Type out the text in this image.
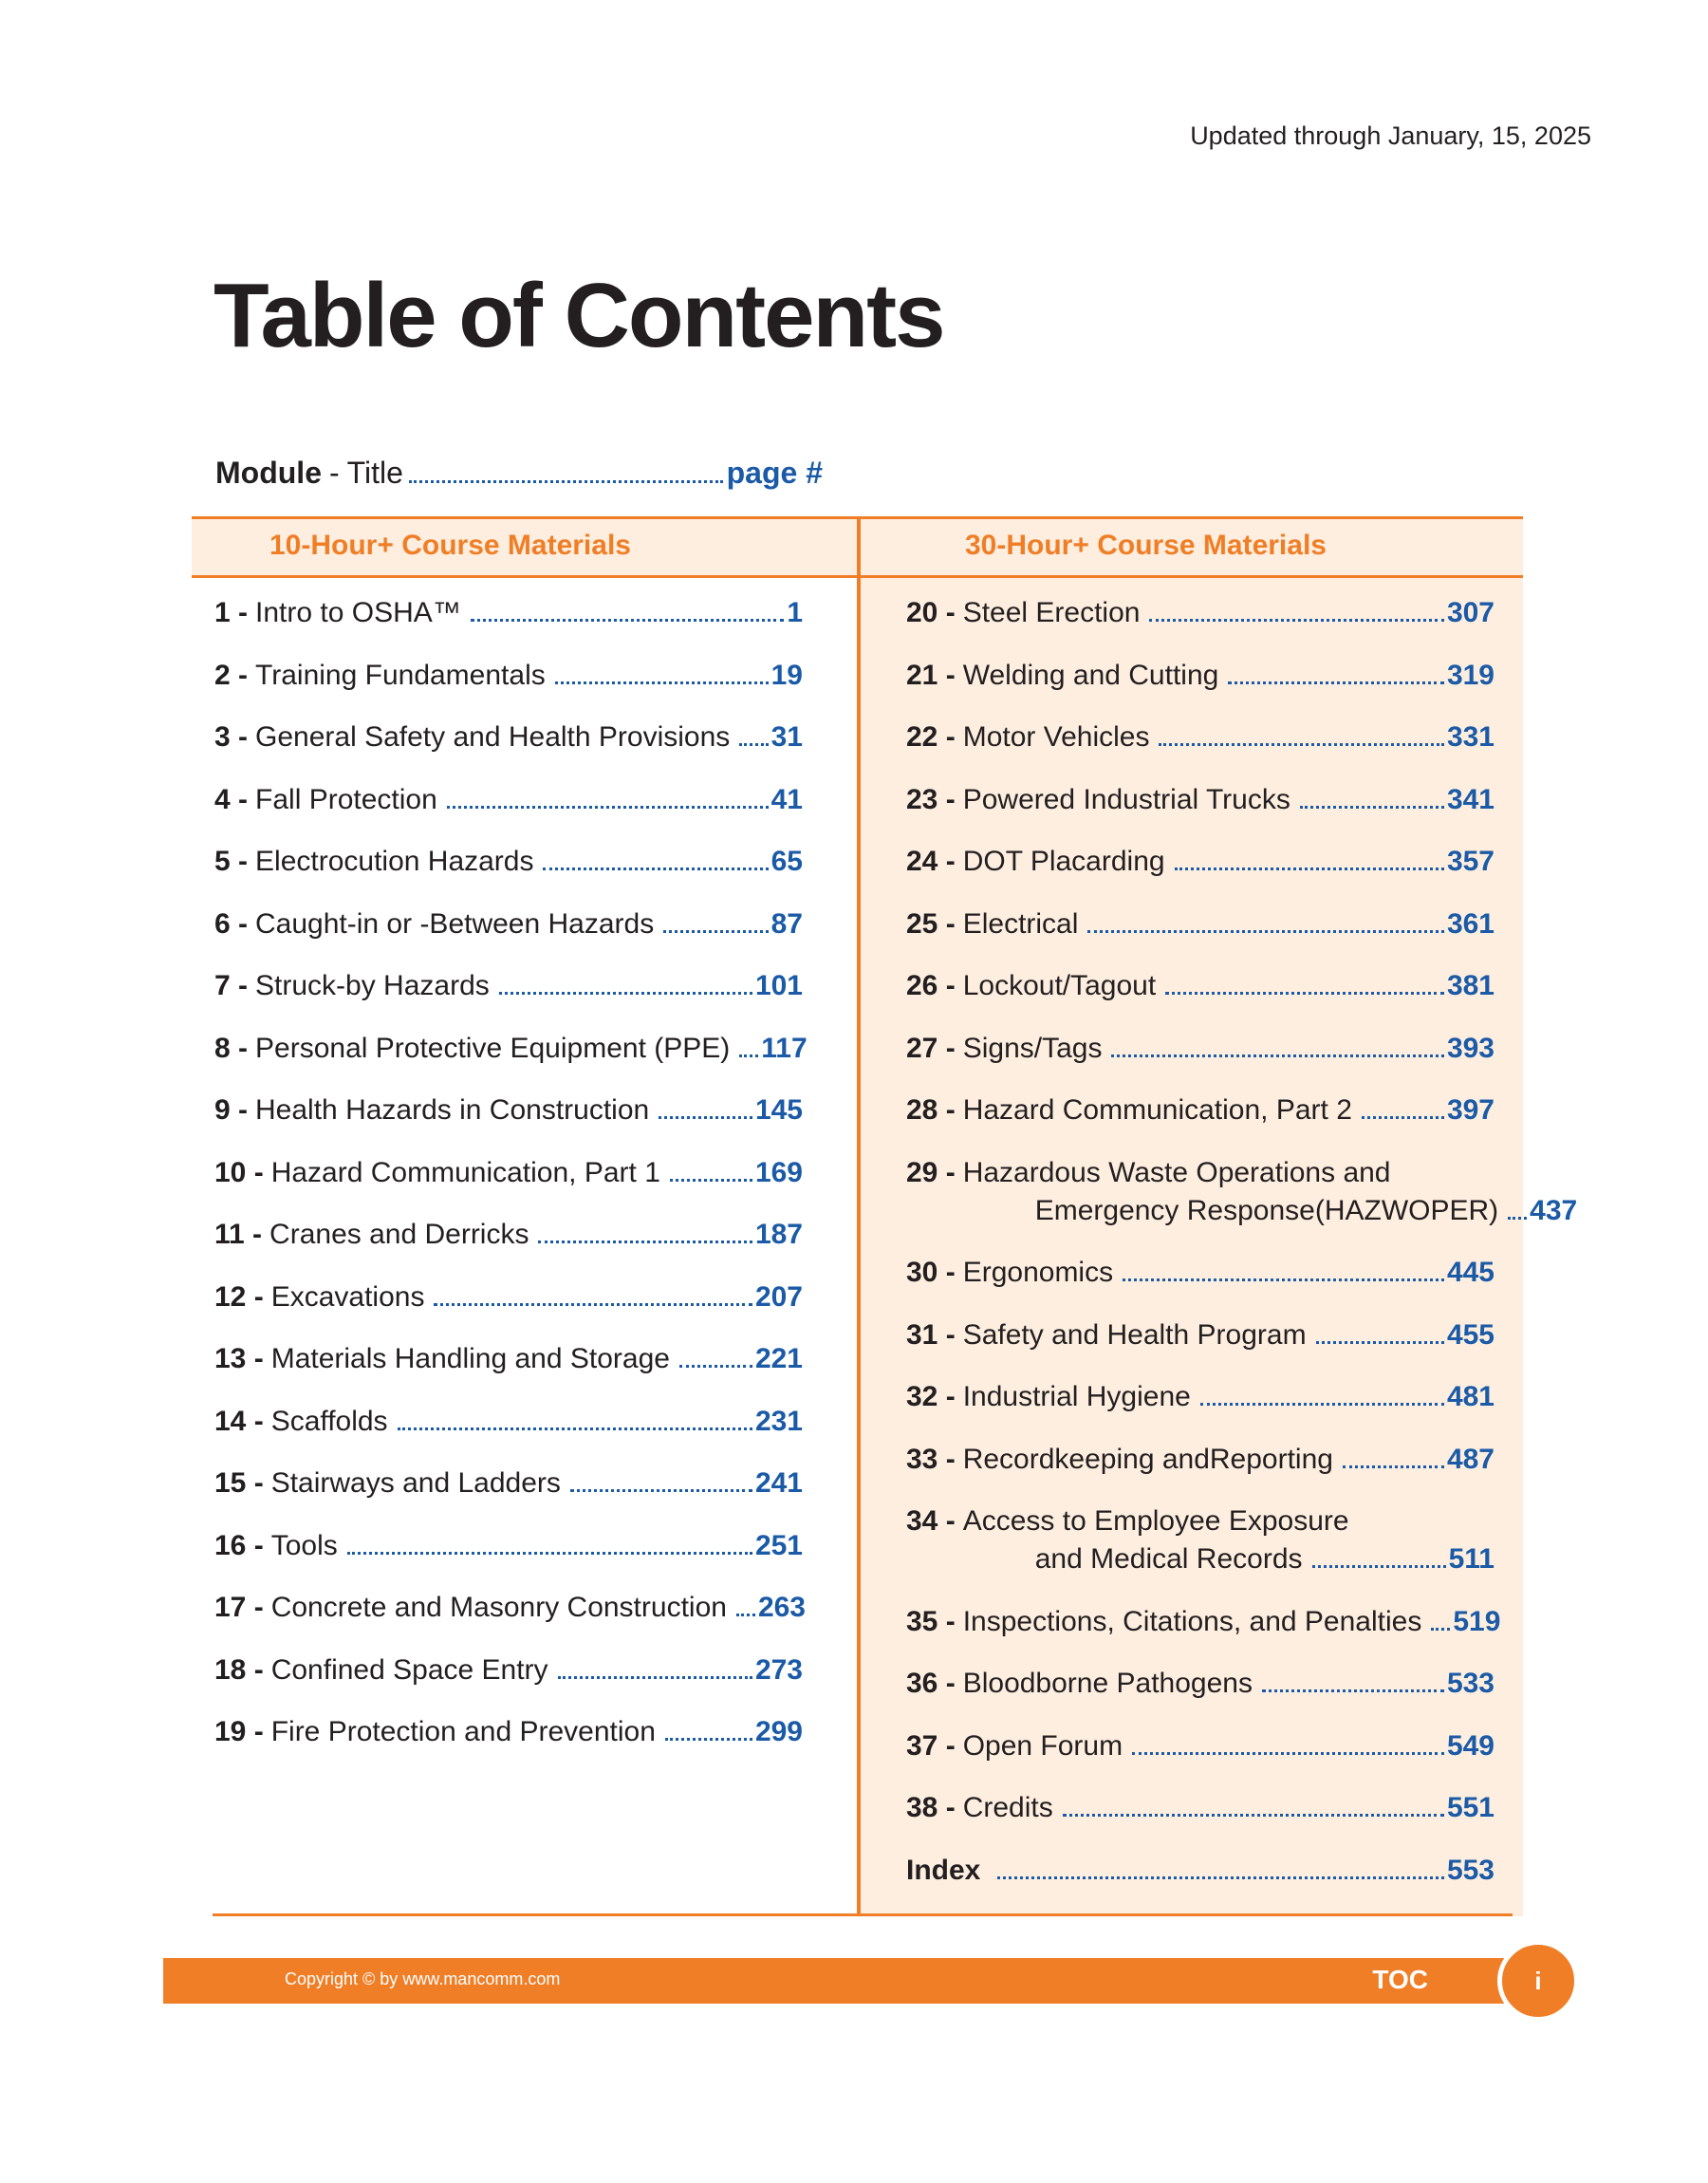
Updated through January, 15, 2025
Table of Contents
Module - Title	page #
30-Hour+ Course Materials
20 - Steel Erection	307
21 - Welding and Cutting	319
22 - Motor Vehicles	331
23 - Powered Industrial Trucks	341
24 - DOT Placarding	357
25 - Electrical	361
26 - Lockout/Tagout	381
27 - Signs/Tags	393
28 - Hazard Communication, Part 2	397
29 - Hazardous Waste Operations and
Emergency Response(HAZWOPER) 437
30 - Ergonomics	445
31 - Safety and Health Program	455
32 - Industrial Hygiene	481
33 - Recordkeeping andReporting	487
34 - Access to Employee Exposure
and Medical Records	511
35 - Inspections, Citations, and Penalties 519
36 - Bloodborne Pathogens	533
37 - Open Forum	549
38 - Credits	551
Index	553
10-Hour+ Course Materials
1 - Intro to OSHA™	1
2 - Training Fundamentals	19
3 - General Safety and Health Provisions 31
4 - Fall Protection	41
5 - Electrocution Hazards	65
6 - Caught-in or -Between Hazards	87
7 - Struck-by Hazards	101
8 - Personal Protective Equipment (PPE) 117
9 - Health Hazards in Construction	145
10 - Hazard Communication, Part 1	169
11 - Cranes and Derricks	187
12 - Excavations	207
13 - Materials Handling and Storage	221
14 - Scaffolds	231
15 - Stairways and Ladders	241
16 - Tools	251
17 - Concrete and Masonry Construction 263
18 - Confined Space Entry	273
19 - Fire Protection and Prevention	299
Copyright © by www.mancomm.com	TOC	i
